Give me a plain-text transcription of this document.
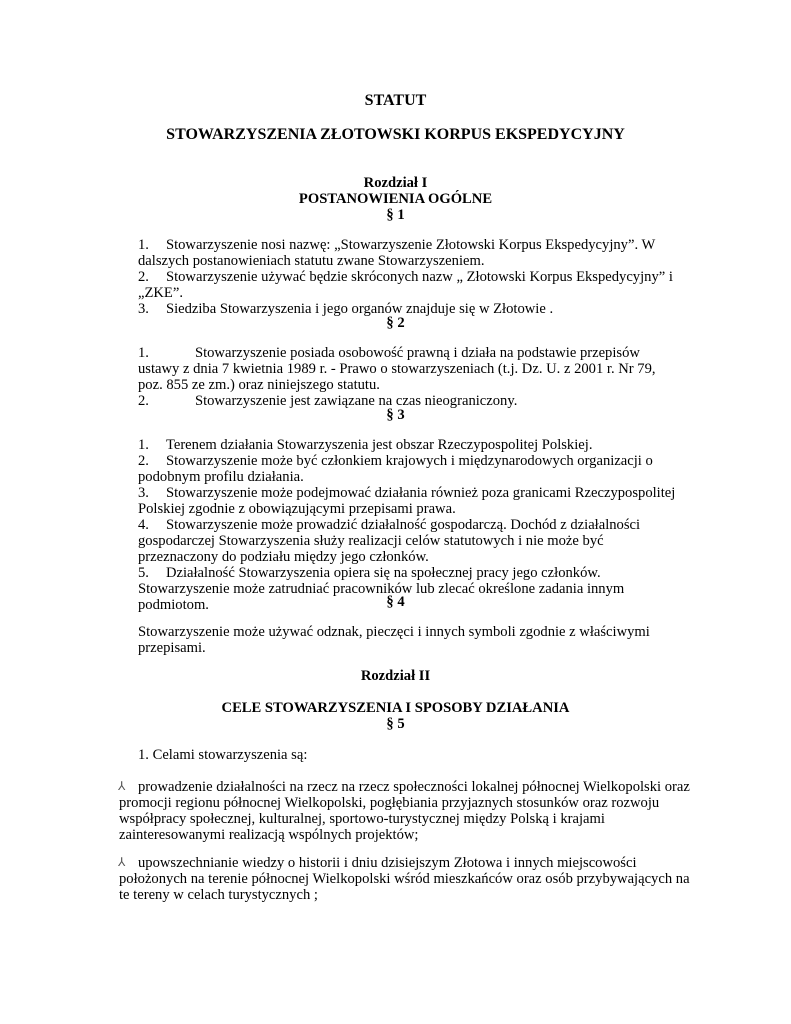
STATUT
STOWARZYSZENIA ZŁOTOWSKI KORPUS EKSPEDYCYJNY
Rozdział I
POSTANOWIENIA OGÓLNE
§ 1

1. Stowarzyszenie nosi nazwę: „Stowarzyszenie Złotowski Korpus Ekspedycyjny”. W dalszych postanowieniach statutu zwane Stowarzyszeniem.

2. Stowarzyszenie używać będzie skróconych nazw „ Złotowski Korpus Ekspedycyjny” i „ZKE”.

3. Siedziba Stowarzyszenia i jego organów znajduje się w Złotowie .

§ 2

1.	Stowarzyszenie posiada osobowość prawną i działa na podstawie przepisów ustawy z dnia 7 kwietnia 1989 r. - Prawo o stowarzyszeniach (t.j. Dz. U. z 2001 r. Nr 79, poz. 855 ze zm.) oraz niniejszego statutu.

2.	Stowarzyszenie jest zawiązane na czas nieograniczony.

§ 3

1. Terenem działania Stowarzyszenia jest obszar Rzeczypospolitej Polskiej.

2. Stowarzyszenie może być członkiem krajowych i międzynarodowych organizacji o podobnym profilu działania.

3. Stowarzyszenie może podejmować działania również poza granicami Rzeczypospolitej Polskiej zgodnie z obowiązującymi przepisami prawa.

4. Stowarzyszenie może prowadzić działalność gospodarczą. Dochód z działalności gospodarczej Stowarzyszenia służy realizacji celów statutowych i nie może być przeznaczony do podziału między jego członków.

5. Działalność Stowarzyszenia opiera się na społecznej pracy jego członków. Stowarzyszenie może zatrudniać pracowników lub zlecać określone zadania innym podmiotom.	§ 4
Stowarzyszenie może używać odznak, pieczęci i innych symboli zgodnie z właściwymi przepisami.
Rozdział II
CELE STOWARZYSZENIA I SPOSOBY DZIAŁANIA
§ 5
1. Celami stowarzyszenia są:
⅄ prowadzenie działalności na rzecz na rzecz społeczności lokalnej północnej Wielkopolski oraz promocji regionu północnej Wielkopolski, pogłębiania przyjaznych stosunków oraz rozwoju współpracy społecznej, kulturalnej, sportowo-turystycznej między Polską i krajami zainteresowanymi realizacją wspólnych projektów;
⅄ upowszechnianie wiedzy o historii i dniu dzisiejszym Złotowa i innych miejscowości położonych na terenie północnej Wielkopolski wśród mieszkańców oraz osób przybywających na te tereny w celach turystycznych ;
